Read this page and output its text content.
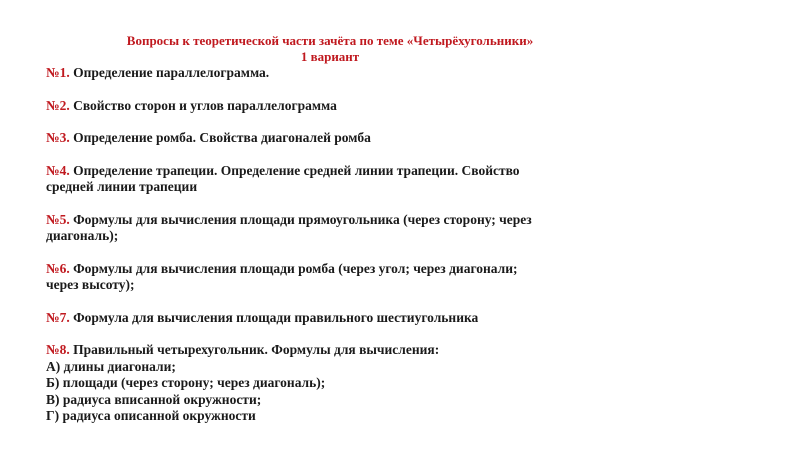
Вопросы к теоретической части зачёта по теме «Четырёхугольники»
1 вариант
№1. Определение параллелограмма.
№2. Свойство сторон и углов параллелограмма
№3. Определение ромба. Свойства диагоналей ромба
№4. Определение трапеции. Определение средней линии трапеции. Свойство
средней линии трапеции
№5. Формулы для вычисления площади прямоугольника (через сторону; через
диагональ);
№6. Формулы для вычисления площади ромба (через угол; через диагонали;
через высоту);
№7. Формула для вычисления площади правильного шестиугольника
№8. Правильный четырехугольник. Формулы для вычисления:
А) длины диагонали;
Б) площади (через сторону; через диагональ);
В) радиуса вписанной окружности;
Г) радиуса описанной окружности
